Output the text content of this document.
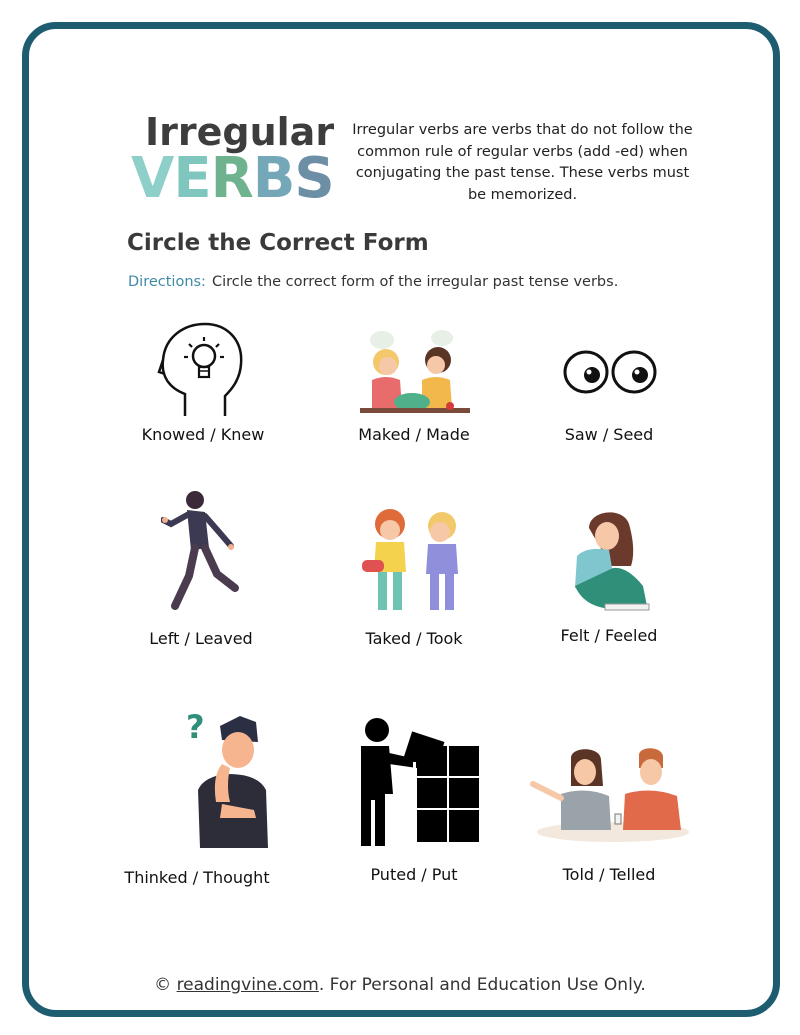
Irregular
VERBS
Irregular verbs are verbs that do not follow the common rule of regular verbs (add -ed) when conjugating the past tense. These verbs must be memorized.
Circle the Correct Form
Directions: Circle the correct form of the irregular past tense verbs.
Knowed / Knew	Maked / Made	Saw / Seed
Left / Leaved	Taked / Took	Felt / Feeled
?
Thinked / Thought	Puted / Put	Told / Telled
© readingvine.com. For Personal and Education Use Only.
